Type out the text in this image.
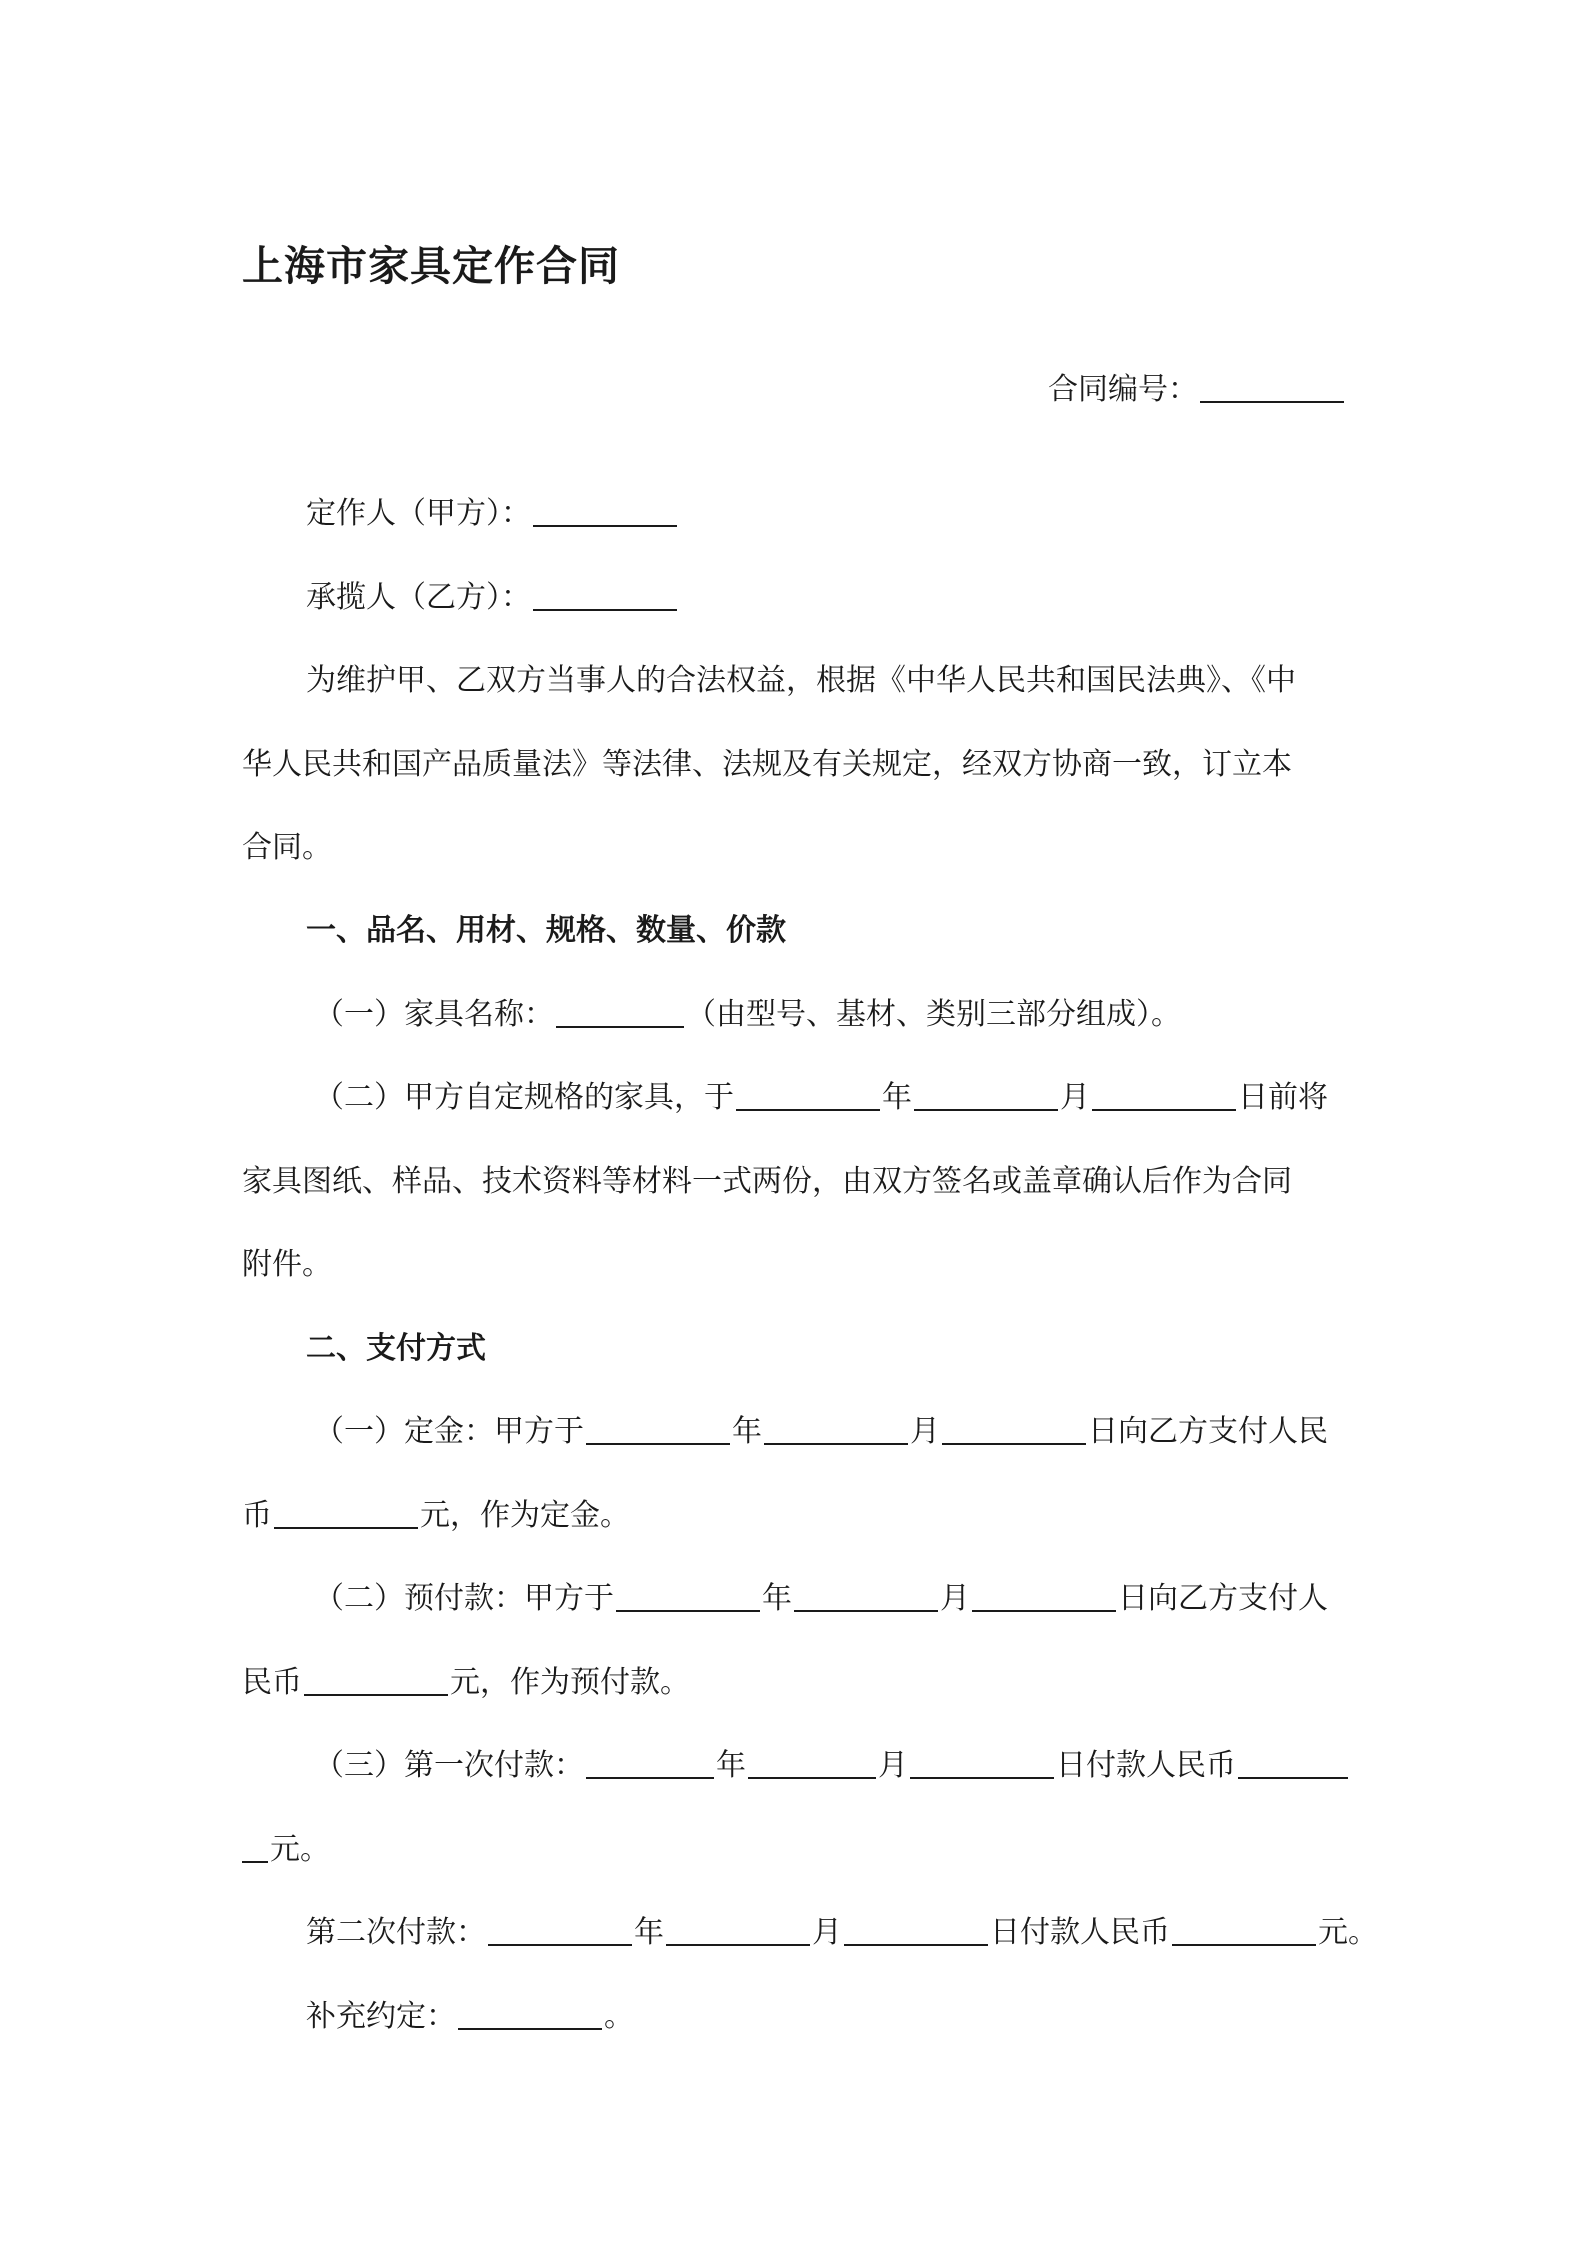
上海市家具定作合同
合同编号：
定作人（甲方）：
承揽人（乙方）：
为维护甲、乙双方当事人的合法权益，根据《中华人民共和国民法典》、《中
华人民共和国产品质量法》等法律、法规及有关规定，经双方协商一致，订立本
合同。
一、品名、用材、规格、数量、价款
（一）家具名称：	（由型号、基材、类别三部分组成）。
（二）甲方自定规格的家具，于	年	月	日前将
家具图纸、样品、技术资料等材料一式两份，由双方签名或盖章确认后作为合同
附件。
二、支付方式
（一）定金：甲方于	年	月	日向乙方支付人民
币	元，作为定金。
（二）预付款：甲方于	年	月	日向乙方支付人
民币	元，作为预付款。
（三）第一次付款：	年	月	日付款人民币
元。
第二次付款：	年	月	日付款人民币	元。
补充约定：	。
